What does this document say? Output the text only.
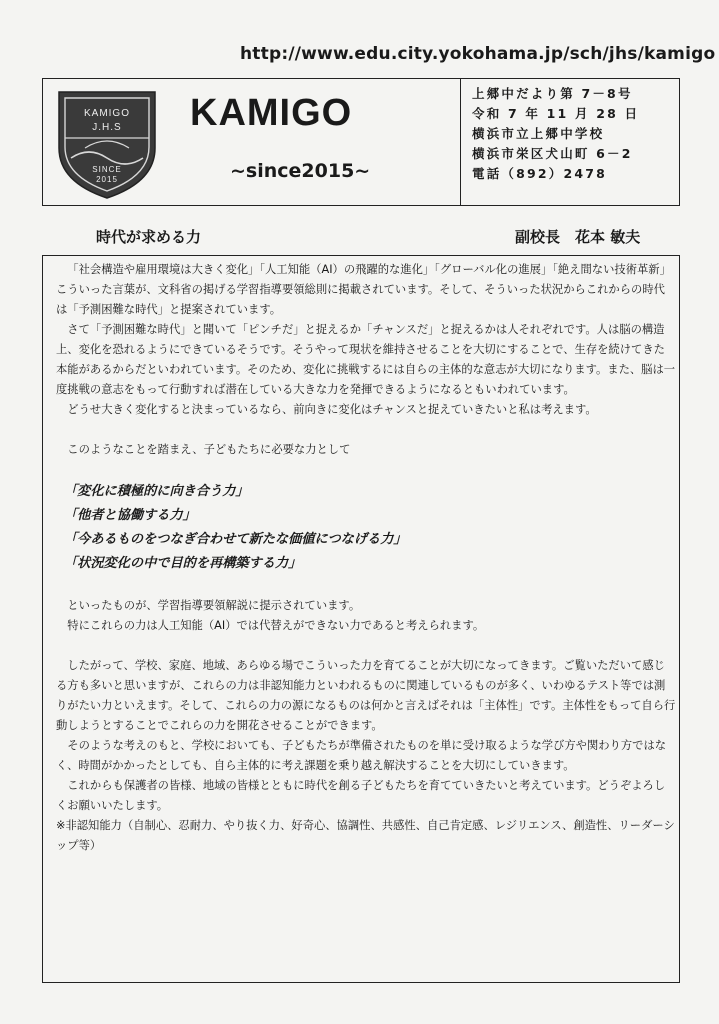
http://www.edu.city.yokohama.jp/sch/jhs/kamigo
KAMIGO
J.H.S
SINCE
2015
KAMIGO
~since2015~
上郷中だより第 7－8号
令和 7 年 11 月 28 日
横浜市立上郷中学校
横浜市栄区犬山町 6－2
電話（892）2478
時代が求める力	副校長　花本 敏夫

「社会構造や雇用環境は大きく変化」「人工知能（AI）の飛躍的な進化」「グローバル化の進展」「絶え間ない技術革新」こういった言葉が、文科省の掲げる学習指導要領総則に掲載されています。そして、そういった状況からこれからの時代は「予測困難な時代」と提案されています。

さて「予測困難な時代」と聞いて「ピンチだ」と捉えるか「チャンスだ」と捉えるかは人それぞれです。人は脳の構造上、変化を恐れるようにできているそうです。そうやって現状を維持させることを大切にすることで、生存を続けてきた本能があるからだといわれています。そのため、変化に挑戦するには自らの主体的な意志が大切になります。また、脳は一度挑戦の意志をもって行動すれば潜在している大きな力を発揮できるようになるともいわれています。

どうせ大きく変化すると決まっているなら、前向きに変化はチャンスと捉えていきたいと私は考えます。

このようなことを踏まえ、子どもたちに必要な力として

「変化に積極的に向き合う力」
「他者と協働する力」
「今あるものをつなぎ合わせて新たな価値につなげる力」
「状況変化の中で目的を再構築する力」

といったものが、学習指導要領解説に提示されています。

特にこれらの力は人工知能（AI）では代替えができない力であると考えられます。

したがって、学校、家庭、地域、あらゆる場でこういった力を育てることが大切になってきます。ご覧いただいて感じる方も多いと思いますが、これらの力は非認知能力といわれるものに関連しているものが多く、いわゆるテスト等では測りがたい力といえます。そして、これらの力の源になるものは何かと言えばそれは「主体性」です。主体性をもって自ら行動しようとすることでこれらの力を開花させることができます。

そのような考えのもと、学校においても、子どもたちが準備されたものを単に受け取るような学び方や関わり方ではなく、時間がかかったとしても、自ら主体的に考え課題を乗り越え解決することを大切にしていきます。

これからも保護者の皆様、地域の皆様とともに時代を創る子どもたちを育てていきたいと考えています。どうぞよろしくお願いいたします。

※非認知能力（自制心、忍耐力、やり抜く力、好奇心、協調性、共感性、自己肯定感、レジリエンス、創造性、リーダーシップ等）
